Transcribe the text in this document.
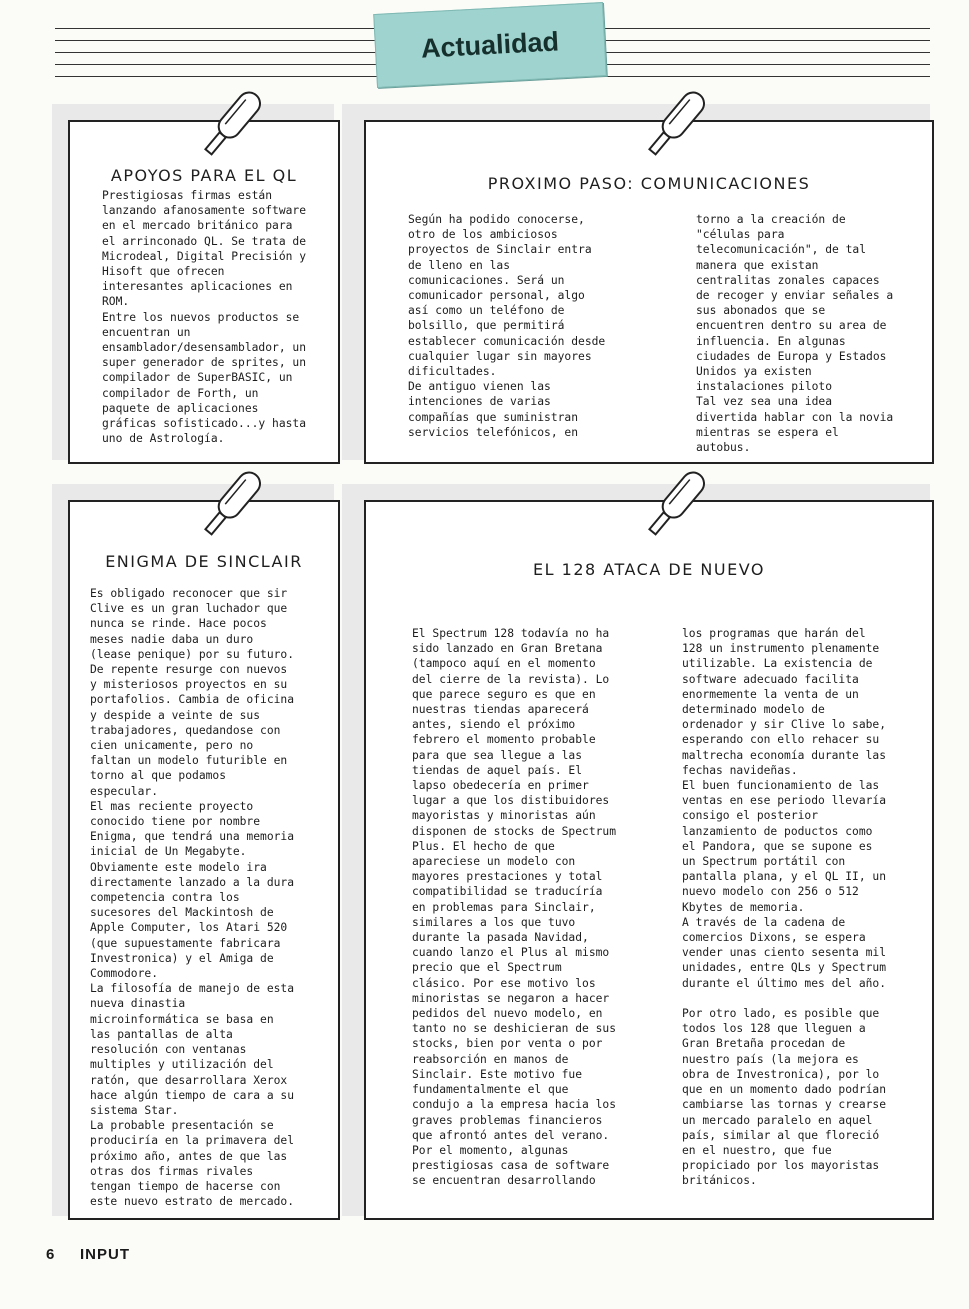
Actualidad
APOYOS PARA EL QL
Prestigiosas firmas están
lanzando afanosamente software
en el mercado británico para
el arrinconado QL. Se trata de
Microdeal, Digital Precisión y
Hisoft que ofrecen
interesantes aplicaciones en
ROM.
Entre los nuevos productos se
encuentran un
ensamblador/desensamblador, un
super generador de sprites, un
compilador de SuperBASIC, un
compilador de Forth, un
paquete de aplicaciones
gráficas sofisticado...y hasta
uno de Astrología.
PROXIMO PASO: COMUNICACIONES
Según ha podido conocerse,
otro de los ambiciosos
proyectos de Sinclair entra
de lleno en las
comunicaciones. Será un
comunicador personal, algo
así como un teléfono de
bolsillo, que permitirá
establecer comunicación desde
cualquier lugar sin mayores
dificultades.
De antiguo vienen las
intenciones de varias
compañías que suministran
servicios telefónicos, en
torno a la creación de
"células para
telecomunicación", de tal
manera que existan
centralitas zonales capaces
de recoger y enviar señales a
sus abonados que se
encuentren dentro su area de
influencia. En algunas
ciudades de Europa y Estados
Unidos ya existen
instalaciones piloto
Tal vez sea una idea
divertida hablar con la novia
mientras se espera el
autobus.
ENIGMA DE SINCLAIR
Es obligado reconocer que sir
Clive es un gran luchador que
nunca se rinde. Hace pocos
meses nadie daba un duro
(lease penique) por su futuro.
De repente resurge con nuevos
y misteriosos proyectos en su
portafolios. Cambia de oficina
y despide a veinte de sus
trabajadores, quedandose con
cien unicamente, pero no
faltan un modelo futurible en
torno al que podamos
especular.
El mas reciente proyecto
conocido tiene por nombre
Enigma, que tendrá una memoria
inicial de Un Megabyte.
Obviamente este modelo ira
directamente lanzado a la dura
competencia contra los
sucesores del Mackintosh de
Apple Computer, los Atari 520
(que supuestamente fabricara
Investronica) y el Amiga de
Commodore.
La filosofía de manejo de esta
nueva dinastia
microinformática se basa en
las pantallas de alta
resolución con ventanas
multiples y utilización del
ratón, que desarrollara Xerox
hace algún tiempo de cara a su
sistema Star.
La probable presentación se
produciría en la primavera del
próximo año, antes de que las
otras dos firmas rivales
tengan tiempo de hacerse con
este nuevo estrato de mercado.
EL 128 ATACA DE NUEVO
El Spectrum 128 todavía no ha
sido lanzado en Gran Bretana
(tampoco aquí en el momento
del cierre de la revista). Lo
que parece seguro es que en
nuestras tiendas aparecerá
antes, siendo el próximo
febrero el momento probable
para que sea llegue a las
tiendas de aquel país. El
lapso obedecería en primer
lugar a que los distibuidores
mayoristas y minoristas aún
disponen de stocks de Spectrum
Plus. El hecho de que
apareciese un modelo con
mayores prestaciones y total
compatibilidad se traducíría
en problemas para Sinclair,
similares a los que tuvo
durante la pasada Navidad,
cuando lanzo el Plus al mismo
precio que el Spectrum
clásico. Por ese motivo los
minoristas se negaron a hacer
pedidos del nuevo modelo, en
tanto no se deshicieran de sus
stocks, bien por venta o por
reabsorción en manos de
Sinclair. Este motivo fue
fundamentalmente el que
condujo a la empresa hacia los
graves problemas financieros
que afrontó antes del verano.
Por el momento, algunas
prestigiosas casa de software
se encuentran desarrollando
los programas que harán del
128 un instrumento plenamente
utilizable. La existencia de
software adecuado facilita
enormemente la venta de un
determinado modelo de
ordenador y sir Clive lo sabe,
esperando con ello rehacer su
maltrecha economía durante las
fechas navideñas.
El buen funcionamiento de las
ventas en ese periodo llevaría
consigo el posterior
lanzamiento de poductos como
el Pandora, que se supone es
un Spectrum portátil con
pantalla plana, y el QL II, un
nuevo modelo con 256 o 512
Kbytes de memoria.
A través de la cadena de
comercios Dixons, se espera
vender unas ciento sesenta mil
unidades, entre QLs y Spectrum
durante el último mes del año.

Por otro lado, es posible que
todos los 128 que lleguen a
Gran Bretaña procedan de
nuestro país (la mejora es
obra de Investronica), por lo
que en un momento dado podrían
cambiarse las tornas y crearse
un mercado paralelo en aquel
país, similar al que floreció
en el nuestro, que fue
propiciado por los mayoristas
británicos.
6 INPUT
